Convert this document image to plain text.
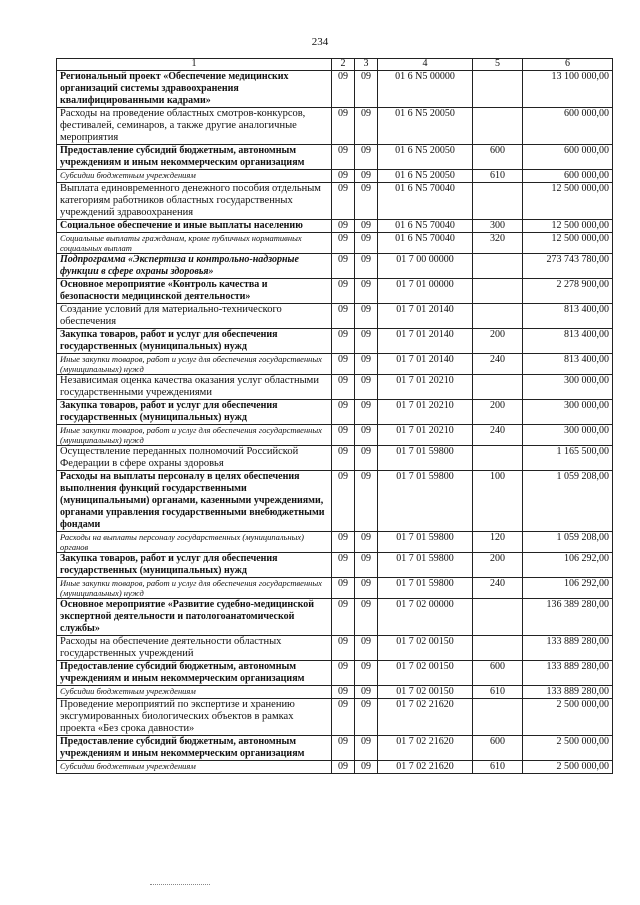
234
1	2	3	4	5	6
Региональный проект «Обеспечение медицинских организаций системы здравоохранения квалифицированными кадрами»	09	09	01 6 N5 00000		13 100 000,00
Расходы на проведение областных смотров-конкурсов, фестивалей, семинаров, а также другие аналогичные мероприятия	09	09	01 6 N5 20050		600 000,00
Предоставление субсидий бюджетным, автономным учреждениям и иным некоммерческим организациям	09	09	01 6 N5 20050	600	600 000,00
Субсидии бюджетным учреждениям	09	09	01 6 N5 20050	610	600 000,00
Выплата единовременного денежного пособия отдельным категориям работников областных государственных учреждений здравоохранения	09	09	01 6 N5 70040		12 500 000,00
Социальное обеспечение и иные выплаты населению	09	09	01 6 N5 70040	300	12 500 000,00
Социальные выплаты гражданам, кроме публичных нормативных социальных выплат	09	09	01 6 N5 70040	320	12 500 000,00
Подпрограмма «Экспертиза и контрольно-надзорные функции в сфере охраны здоровья»	09	09	01 7 00 00000		273 743 780,00
Основное мероприятие «Контроль качества и безопасности медицинской деятельности»	09	09	01 7 01 00000		2 278 900,00
Создание условий для материально-технического обеспечения	09	09	01 7 01 20140		813 400,00
Закупка товаров, работ и услуг для обеспечения государственных (муниципальных) нужд	09	09	01 7 01 20140	200	813 400,00
Иные закупки товаров, работ и услуг для обеспечения государственных (муниципальных) нужд	09	09	01 7 01 20140	240	813 400,00
Независимая оценка качества оказания услуг областными государственными учреждениями	09	09	01 7 01 20210		300 000,00
Закупка товаров, работ и услуг для обеспечения государственных (муниципальных) нужд	09	09	01 7 01 20210	200	300 000,00
Иные закупки товаров, работ и услуг для обеспечения государственных (муниципальных) нужд	09	09	01 7 01 20210	240	300 000,00
Осуществление переданных полномочий Российской Федерации в сфере охраны здоровья	09	09	01 7 01 59800		1 165 500,00
Расходы на выплаты персоналу в целях обеспечения выполнения функций государственными (муниципальными) органами, казенными учреждениями, органами управления государственными внебюджетными фондами	09	09	01 7 01 59800	100	1 059 208,00
Расходы на выплаты персоналу государственных (муниципальных) органов	09	09	01 7 01 59800	120	1 059 208,00
Закупка товаров, работ и услуг для обеспечения государственных (муниципальных) нужд	09	09	01 7 01 59800	200	106 292,00
Иные закупки товаров, работ и услуг для обеспечения государственных (муниципальных) нужд	09	09	01 7 01 59800	240	106 292,00
Основное мероприятие «Развитие судебно-медицинской экспертной деятельности и патологоанатомической службы»	09	09	01 7 02 00000		136 389 280,00
Расходы на обеспечение деятельности областных государственных учреждений	09	09	01 7 02 00150		133 889 280,00
Предоставление субсидий бюджетным, автономным учреждениям и иным некоммерческим организациям	09	09	01 7 02 00150	600	133 889 280,00
Субсидии бюджетным учреждениям	09	09	01 7 02 00150	610	133 889 280,00
Проведение мероприятий по экспертизе и хранению эксгумированных биологических объектов в рамках проекта «Без срока давности»	09	09	01 7 02 21620		2 500 000,00
Предоставление субсидий бюджетным, автономным учреждениям и иным некоммерческим организациям	09	09	01 7 02 21620	600	2 500 000,00
Субсидии бюджетным учреждениям	09	09	01 7 02 21620	610	2 500 000,00
